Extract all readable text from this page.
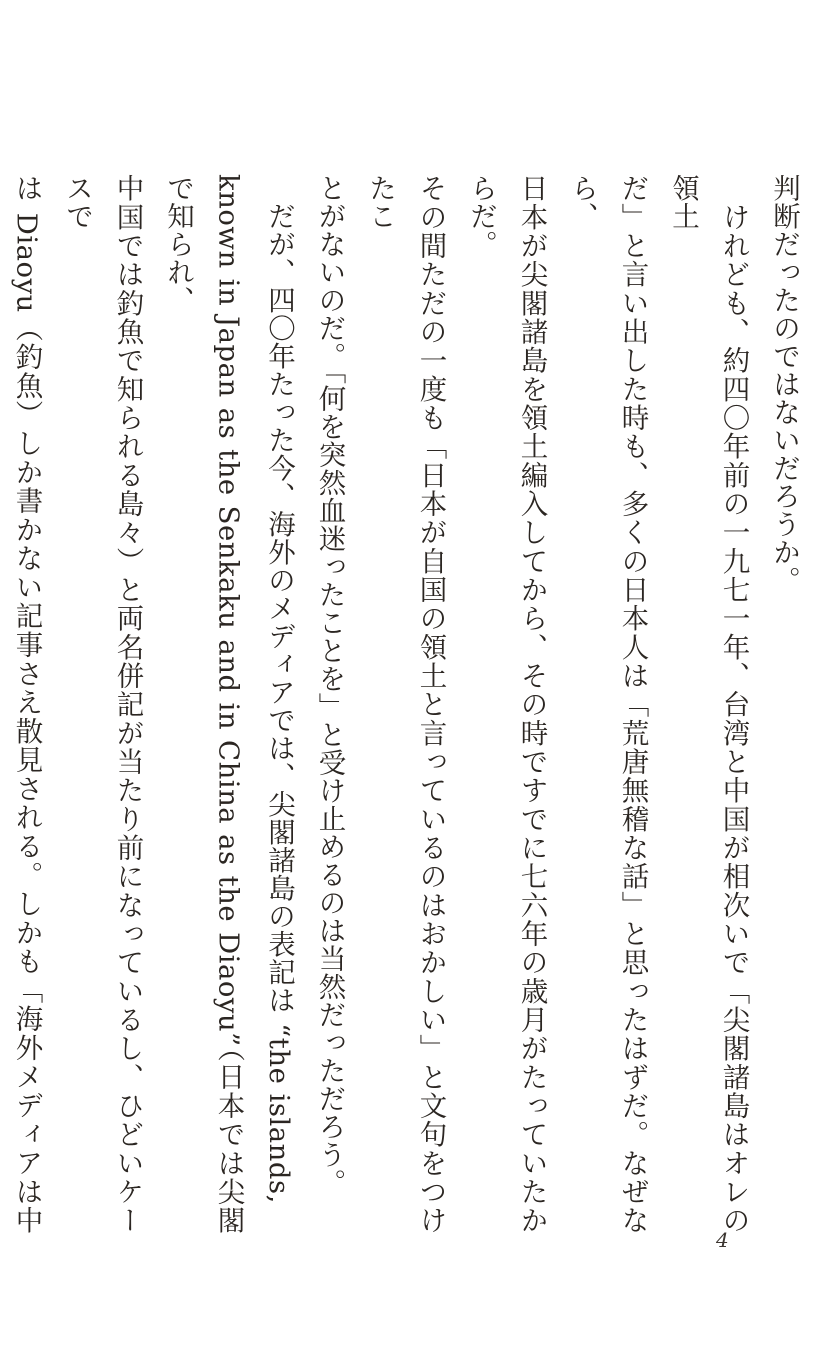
判断だったのではないだろうか。

　けれども、約四〇年前の一九七一年、台湾と中国が相次いで「尖閣諸島はオレの領土

だ」と言い出した時も、多くの日本人は「荒唐無稽な話」と思ったはずだ。なぜなら、

日本が尖閣諸島を領土編入してから、その時ですでに七六年の歳月がたっていたからだ。

その間ただの一度も「日本が自国の領土と言っているのはおかしい」と文句をつけたこ

とがないのだ。「何を突然血迷ったことを」と受け止めるのは当然だっただろう。

　だが、四〇年たった今、海外のメディアでは、尖閣諸島の表記は “the islands,

known in Japan as the Senkaku and in China as the Diaoyu”（日本では尖閣で知られ、

中国では釣魚で知られる島々）と両名併記が当たり前になっているし、ひどいケースで

は Diaoyu（釣魚）しか書かない記事さえ散見される。しかも「海外メディアは中

4
